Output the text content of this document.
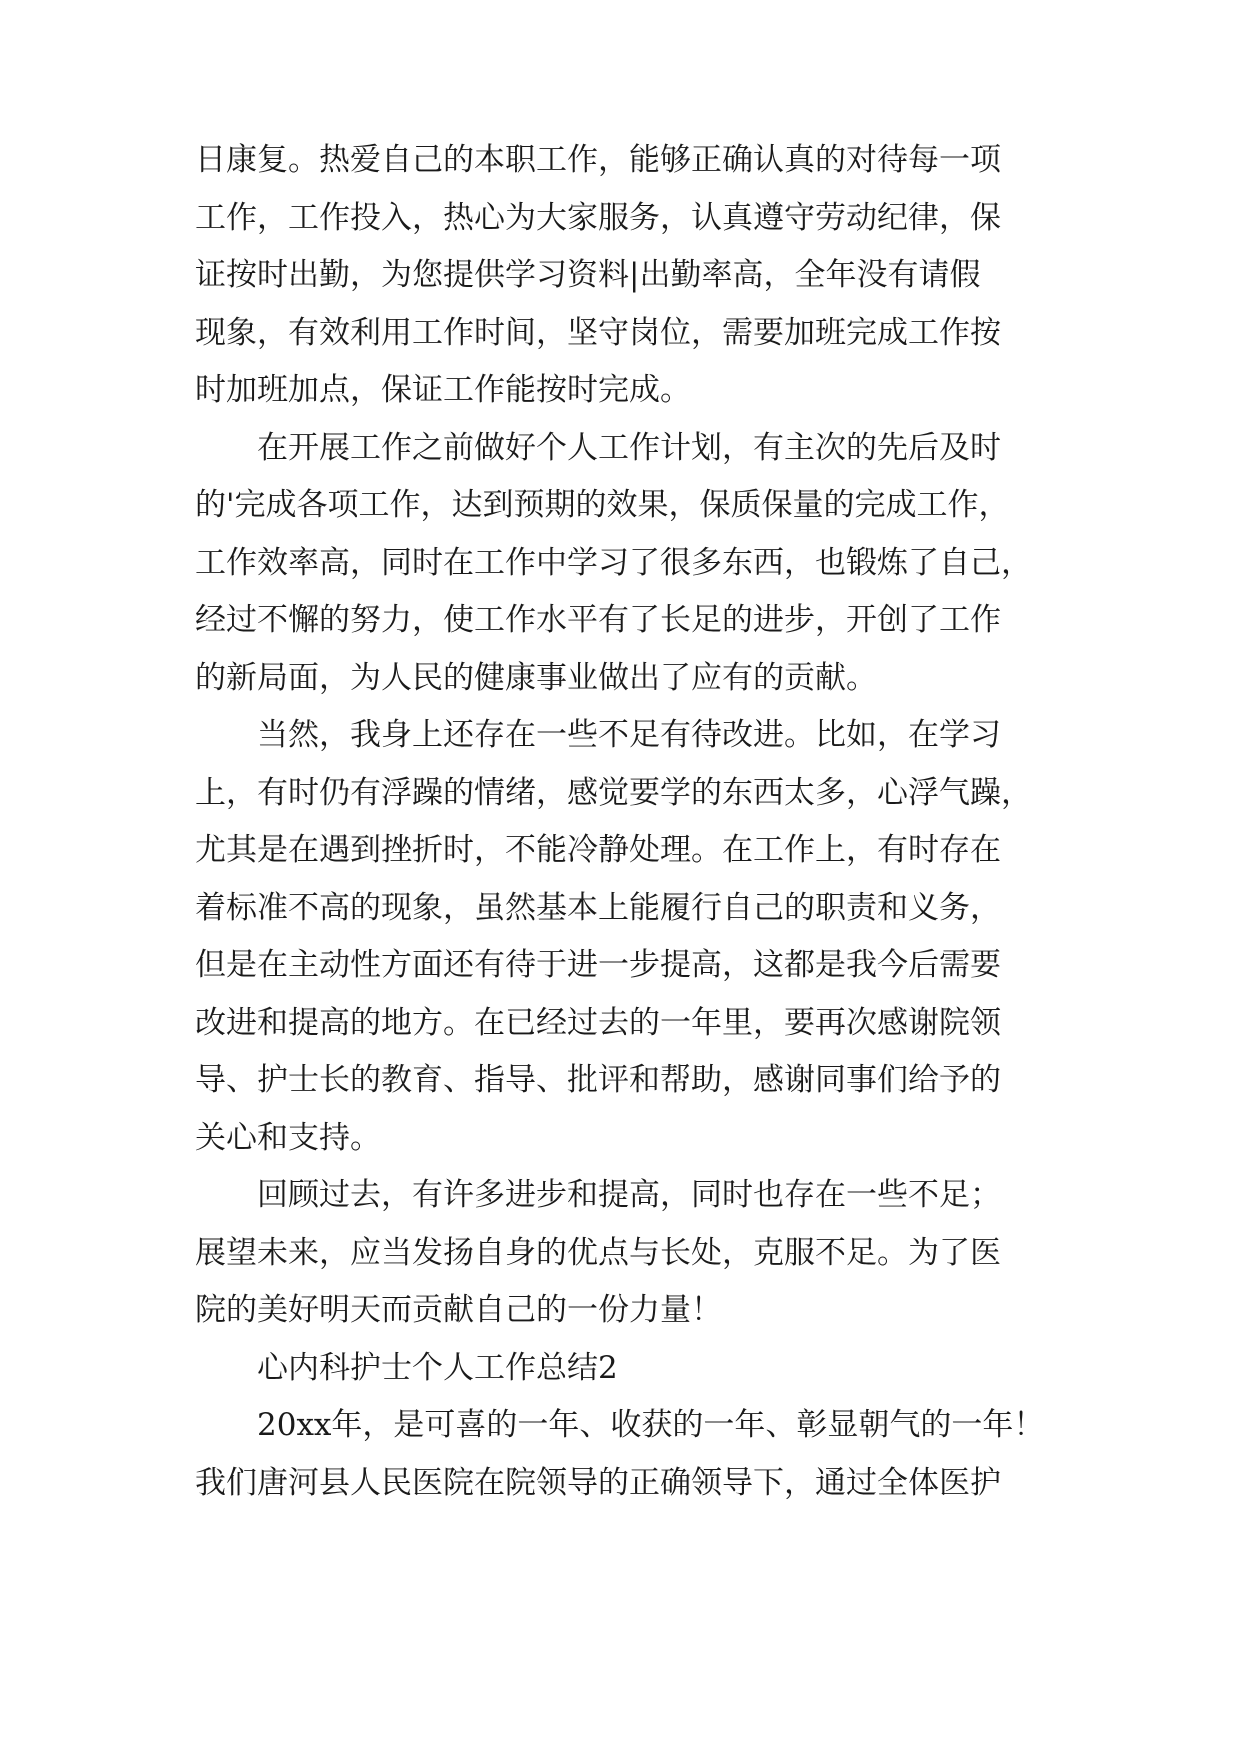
日康复。热爱自己的本职工作，能够正确认真的对待每一项
工作，工作投入，热心为大家服务，认真遵守劳动纪律，保
证按时出勤，为您提供学习资料|出勤率高，全年没有请假
现象，有效利用工作时间，坚守岗位，需要加班完成工作按
时加班加点，保证工作能按时完成。
在开展工作之前做好个人工作计划，有主次的先后及时
的'完成各项工作，达到预期的效果，保质保量的完成工作，
工作效率高，同时在工作中学习了很多东西，也锻炼了自己，
经过不懈的努力，使工作水平有了长足的进步，开创了工作
的新局面，为人民的健康事业做出了应有的贡献。
当然，我身上还存在一些不足有待改进。比如，在学习
上，有时仍有浮躁的情绪，感觉要学的东西太多，心浮气躁，
尤其是在遇到挫折时，不能冷静处理。在工作上，有时存在
着标准不高的现象，虽然基本上能履行自己的职责和义务，
但是在主动性方面还有待于进一步提高，这都是我今后需要
改进和提高的地方。在已经过去的一年里，要再次感谢院领
导、护士长的教育、指导、批评和帮助，感谢同事们给予的
关心和支持。
回顾过去，有许多进步和提高，同时也存在一些不足；
展望未来，应当发扬自身的优点与长处，克服不足。为了医
院的美好明天而贡献自己的一份力量！
心内科护士个人工作总结2
20xx年，是可喜的一年、收获的一年、彰显朝气的一年！
我们唐河县人民医院在院领导的正确领导下，通过全体医护
